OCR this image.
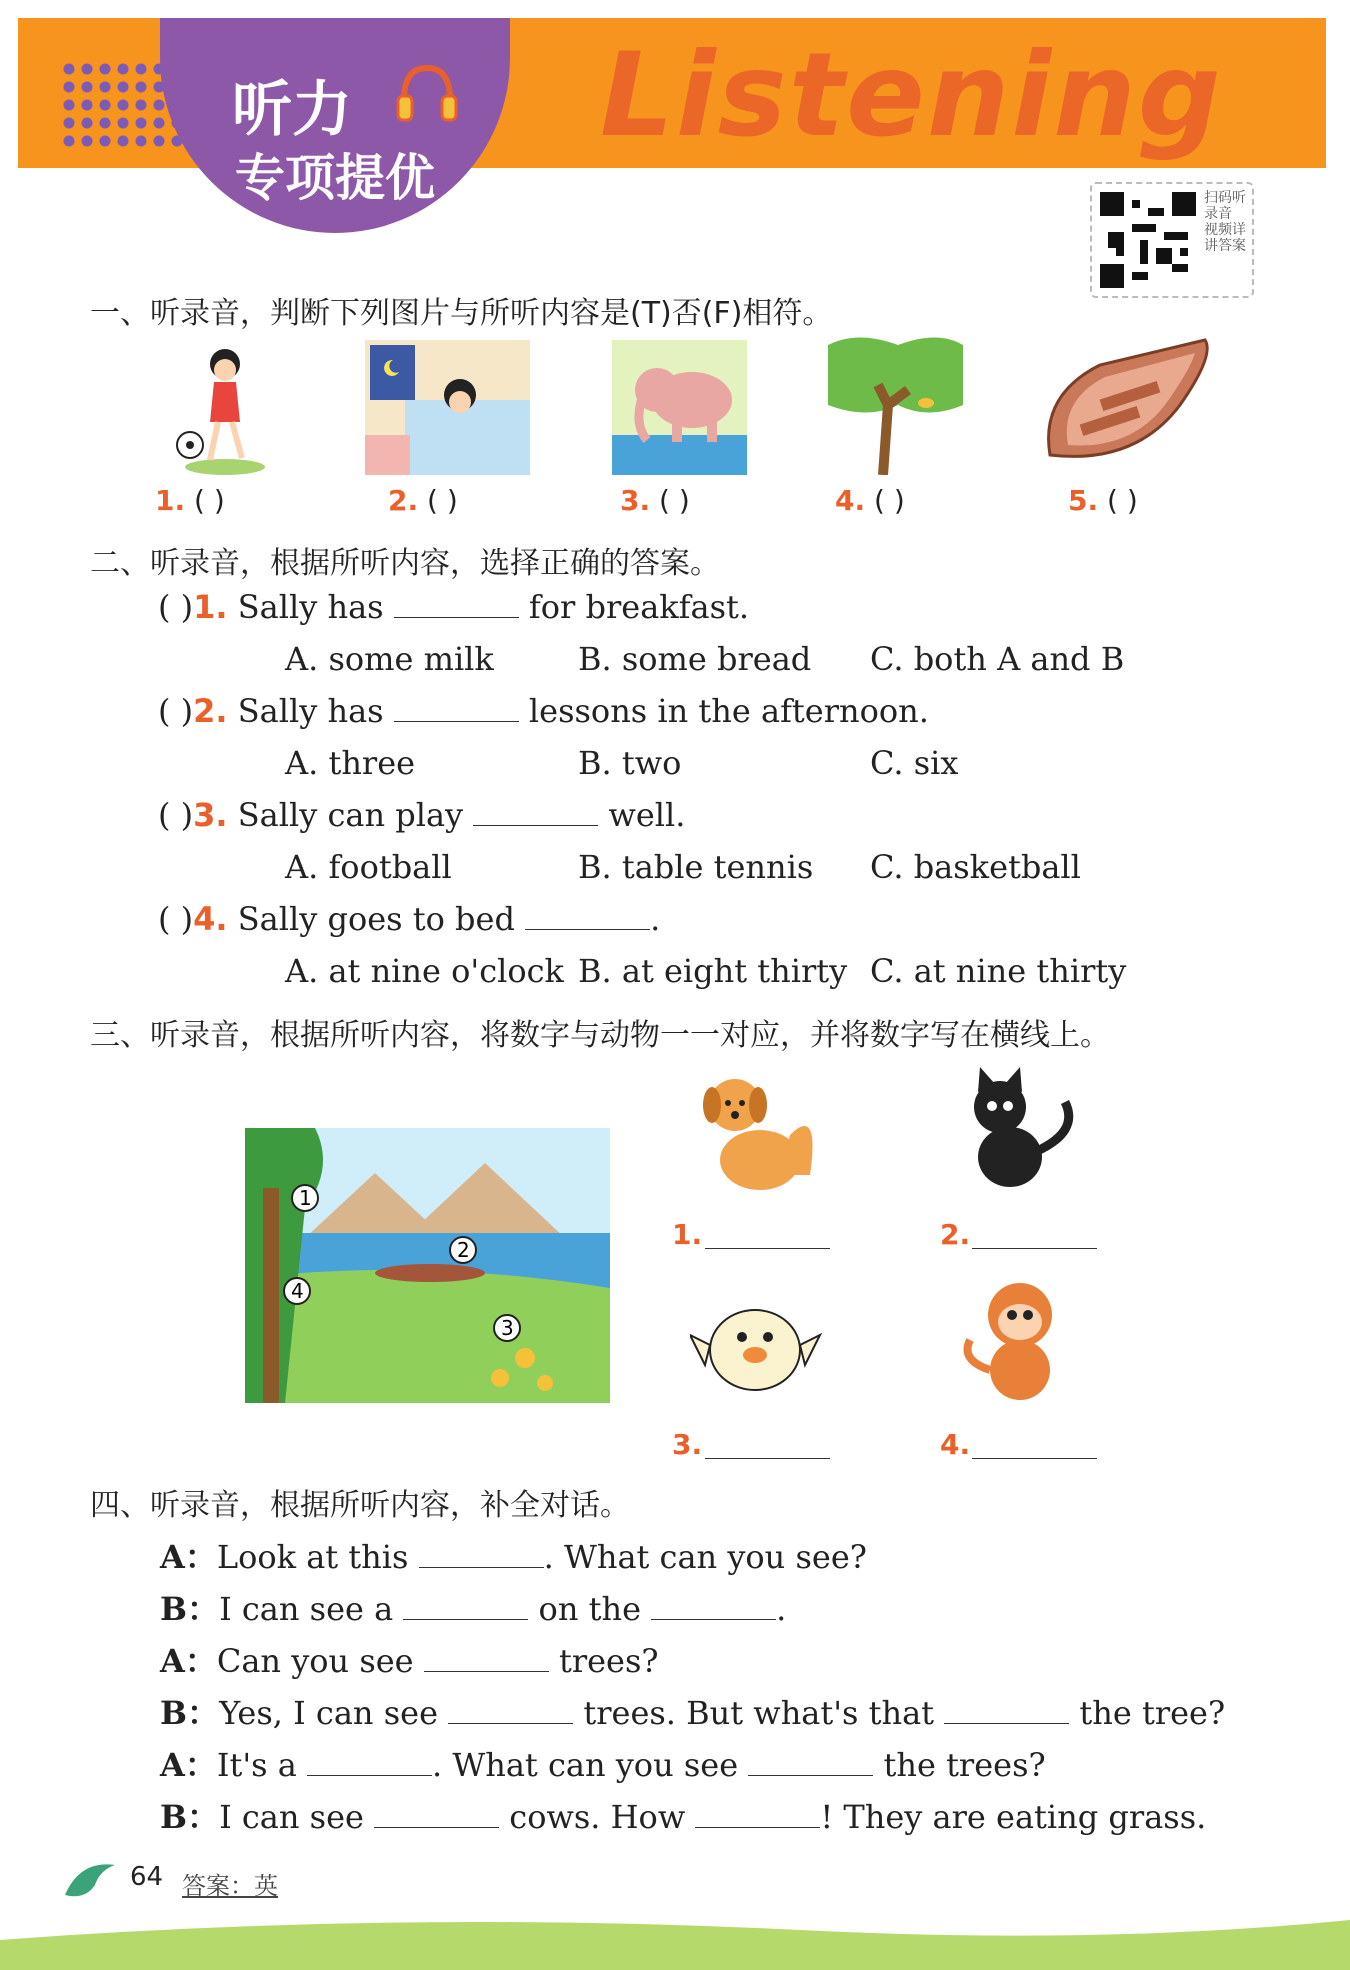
Listening
听力
专项提优	扫码听录音 视频详讲答案
一、听录音，判断下列图片与所听内容是(T)否(F)相符。
1. ( )	2. ( )	3. ( )	4. ( )	5. ( )
二、听录音，根据所听内容，选择正确的答案。
( )1. Sally has	for breakfast.
A. some milk	B. some bread C. both A and B
( )2. Sally has	lessons in the afternoon.
A. three	B. two	C. six
( )3. Sally can play	well.
A. football	B. table tennis C. basketball
( )4. Sally goes to bed	.
A. at nine o'clock B. at eight thirty C. at nine thirty
三、听录音，根据所听内容，将数字与动物一一对应，并将数字写在横线上。
1
2
3
4
1.	2.
3.	4.
四、听录音，根据所听内容，补全对话。
A：Look at this	. What can you see?
B：I can see a	on the	.
A：Can you see	trees?
B：Yes, I can see	trees. But what's that	the tree?
A：It's a	. What can you see	the trees?
B：I can see	cows. How	! They are eating grass.
64 答案：英
